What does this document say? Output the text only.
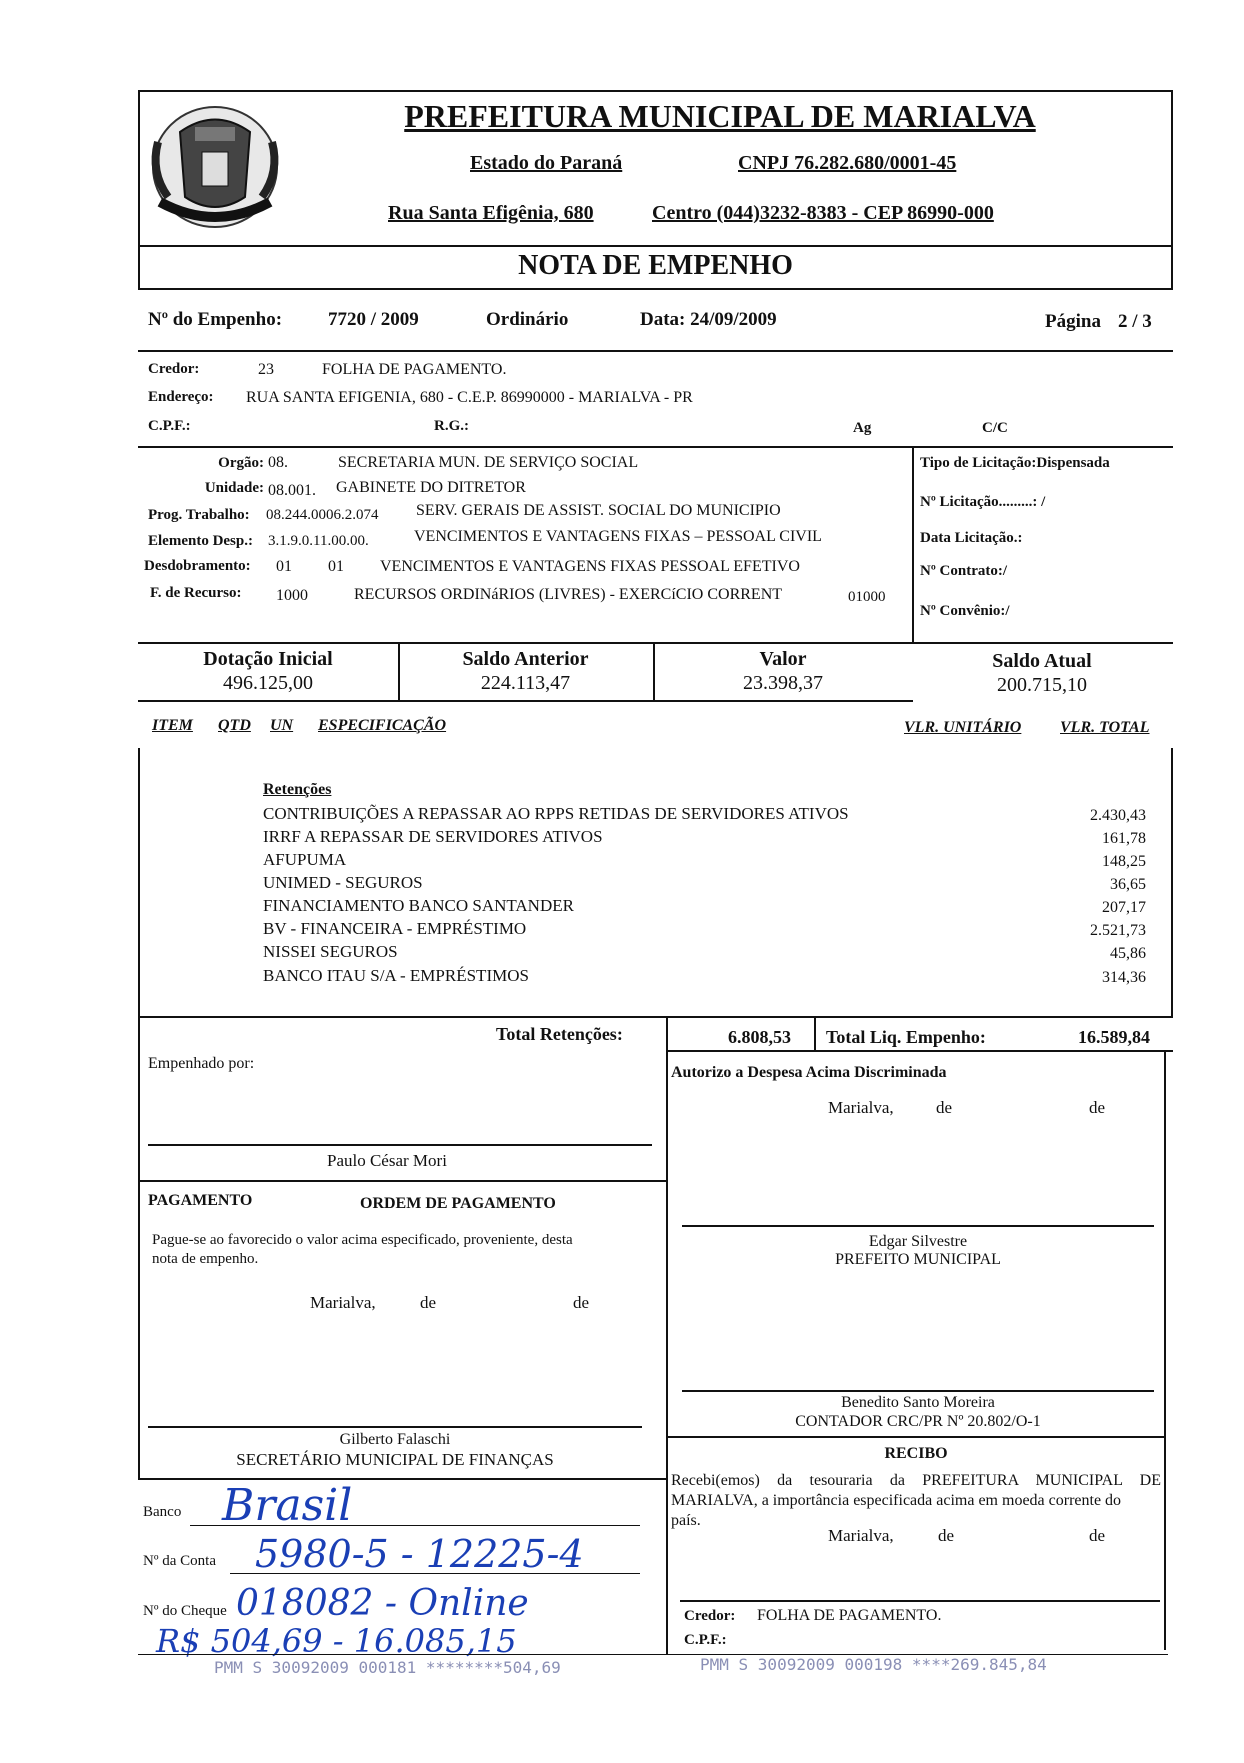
PREFEITURA MUNICIPAL DE MARIALVA
Estado do Paraná	CNPJ 76.282.680/0001-45
Rua Santa Efigênia, 680	Centro (044)3232-8383 - CEP 86990-000
NOTA DE EMPENHO
Nº do Empenho: 7720 / 2009	Ordinário	Data: 24/09/2009	Página 2 / 3
Credor:	23	FOLHA DE PAGAMENTO.
Endereço: RUA SANTA EFIGENIA, 680 - C.E.P. 86990000 - MARIALVA - PR
C.P.F.:	R.G.:	Ag	C/C
Orgão: 08.	SECRETARIA MUN. DE SERVIÇO SOCIAL
Unidade: 08.001. GABINETE DO DITRETOR
Prog. Trabalho: 08.244.0006.2.074 SERV. GERAIS DE ASSIST. SOCIAL DO MUNICIPIO
Elemento Desp.: 3.1.9.0.11.00.00.	VENCIMENTOS E VANTAGENS FIXAS – PESSOAL CIVIL
Desdobramento: 01 01 VENCIMENTOS E VANTAGENS FIXAS PESSOAL EFETIVO
F. de Recurso: 1000	RECURSOS ORDINáRIOS (LIVRES) - EXERCíCIO CORRENT	01000
Tipo de Licitação:Dispensada
Nº Licitação.........: /
Data Licitação.:
Nº Contrato:/
Nº Convênio:/
Dotação Inicial
496.125,00
Saldo Anterior
224.113,47
Valor
23.398,37
Saldo Atual
200.715,10
ITEM QTD UN ESPECIFICAÇÃO	VLR. UNITÁRIO VLR. TOTAL
Retenções
CONTRIBUIÇÕES A REPASSAR AO RPPS RETIDAS DE SERVIDORES ATIVOS	2.430,43
IRRF A REPASSAR DE SERVIDORES ATIVOS	161,78
AFUPUMA	148,25
UNIMED - SEGUROS	36,65
FINANCIAMENTO BANCO SANTANDER	207,17
BV - FINANCEIRA - EMPRÉSTIMO	2.521,73
NISSEI SEGUROS	45,86
BANCO ITAU S/A - EMPRÉSTIMOS	314,36
Total Retenções:	6.808,53 Total Liq. Empenho:	16.589,84
Empenhado por:
Paulo César Mori
Autorizo a Despesa Acima Discriminada
Marialva, de	de
PAGAMENTO	ORDEM DE PAGAMENTO
Pague-se ao favorecido o valor acima especificado, proveniente, desta
nota de empenho.
Marialva,	de	de
Gilberto Falaschi
SECRETÁRIO MUNICIPAL DE FINANÇAS
Edgar Silvestre
PREFEITO MUNICIPAL
Benedito Santo Moreira
CONTADOR CRC/PR Nº 20.802/O-1
RECIBO
Recebi(emos) da tesouraria da PREFEITURA MUNICIPAL DE
MARIALVA, a importância especificada acima em moeda corrente do
país.
Marialva,	de	de
Credor: FOLHA DE PAGAMENTO.
C.P.F.:
Banco Brasil
Nº da Conta 5980-5 - 12225-4
Nº do Cheque 018082 - Online
R$ 504,69 - 16.085,15
PMM S 30092009 000181 ********504,69	PMM S 30092009 000198 ****269.845,84
